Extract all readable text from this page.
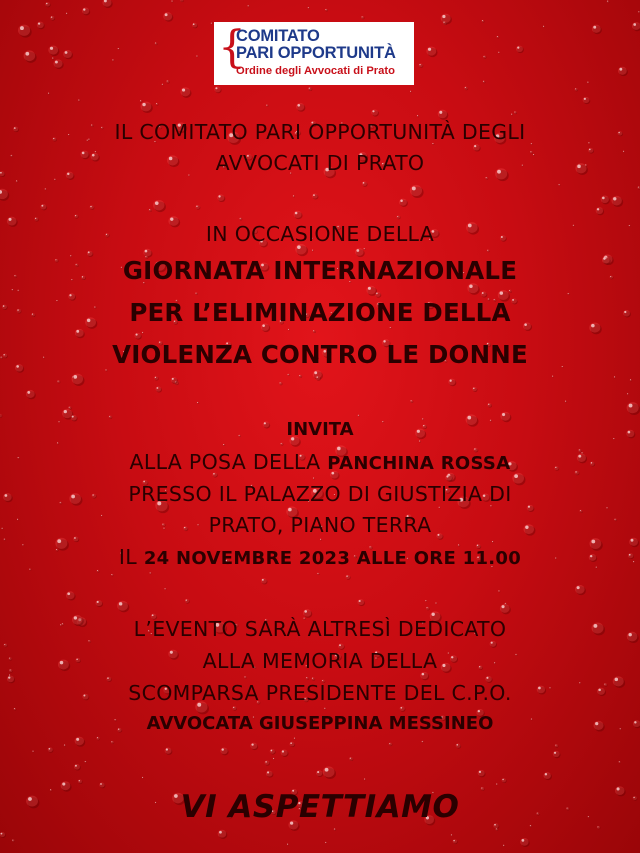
{
COMITATO
PARI OPPORTUNITÀ
Ordine degli Avvocati di Prato
IL COMITATO PARI OPPORTUNITÀ DEGLI
AVVOCATI DI PRATO
IN OCCASIONE DELLA
GIORNATA INTERNAZIONALE
PER L’ELIMINAZIONE DELLA
VIOLENZA CONTRO LE DONNE
INVITA
ALLA POSA DELLA PANCHINA ROSSA
PRESSO IL PALAZZO DI GIUSTIZIA DI
PRATO, PIANO TERRA
IL 24 NOVEMBRE 2023 ALLE ORE 11.00
L’EVENTO SARÀ ALTRESÌ DEDICATO
ALLA MEMORIA DELLA
SCOMPARSA PRESIDENTE DEL C.P.O.
AVVOCATA GIUSEPPINA MESSINEO
VI ASPETTIAMO
